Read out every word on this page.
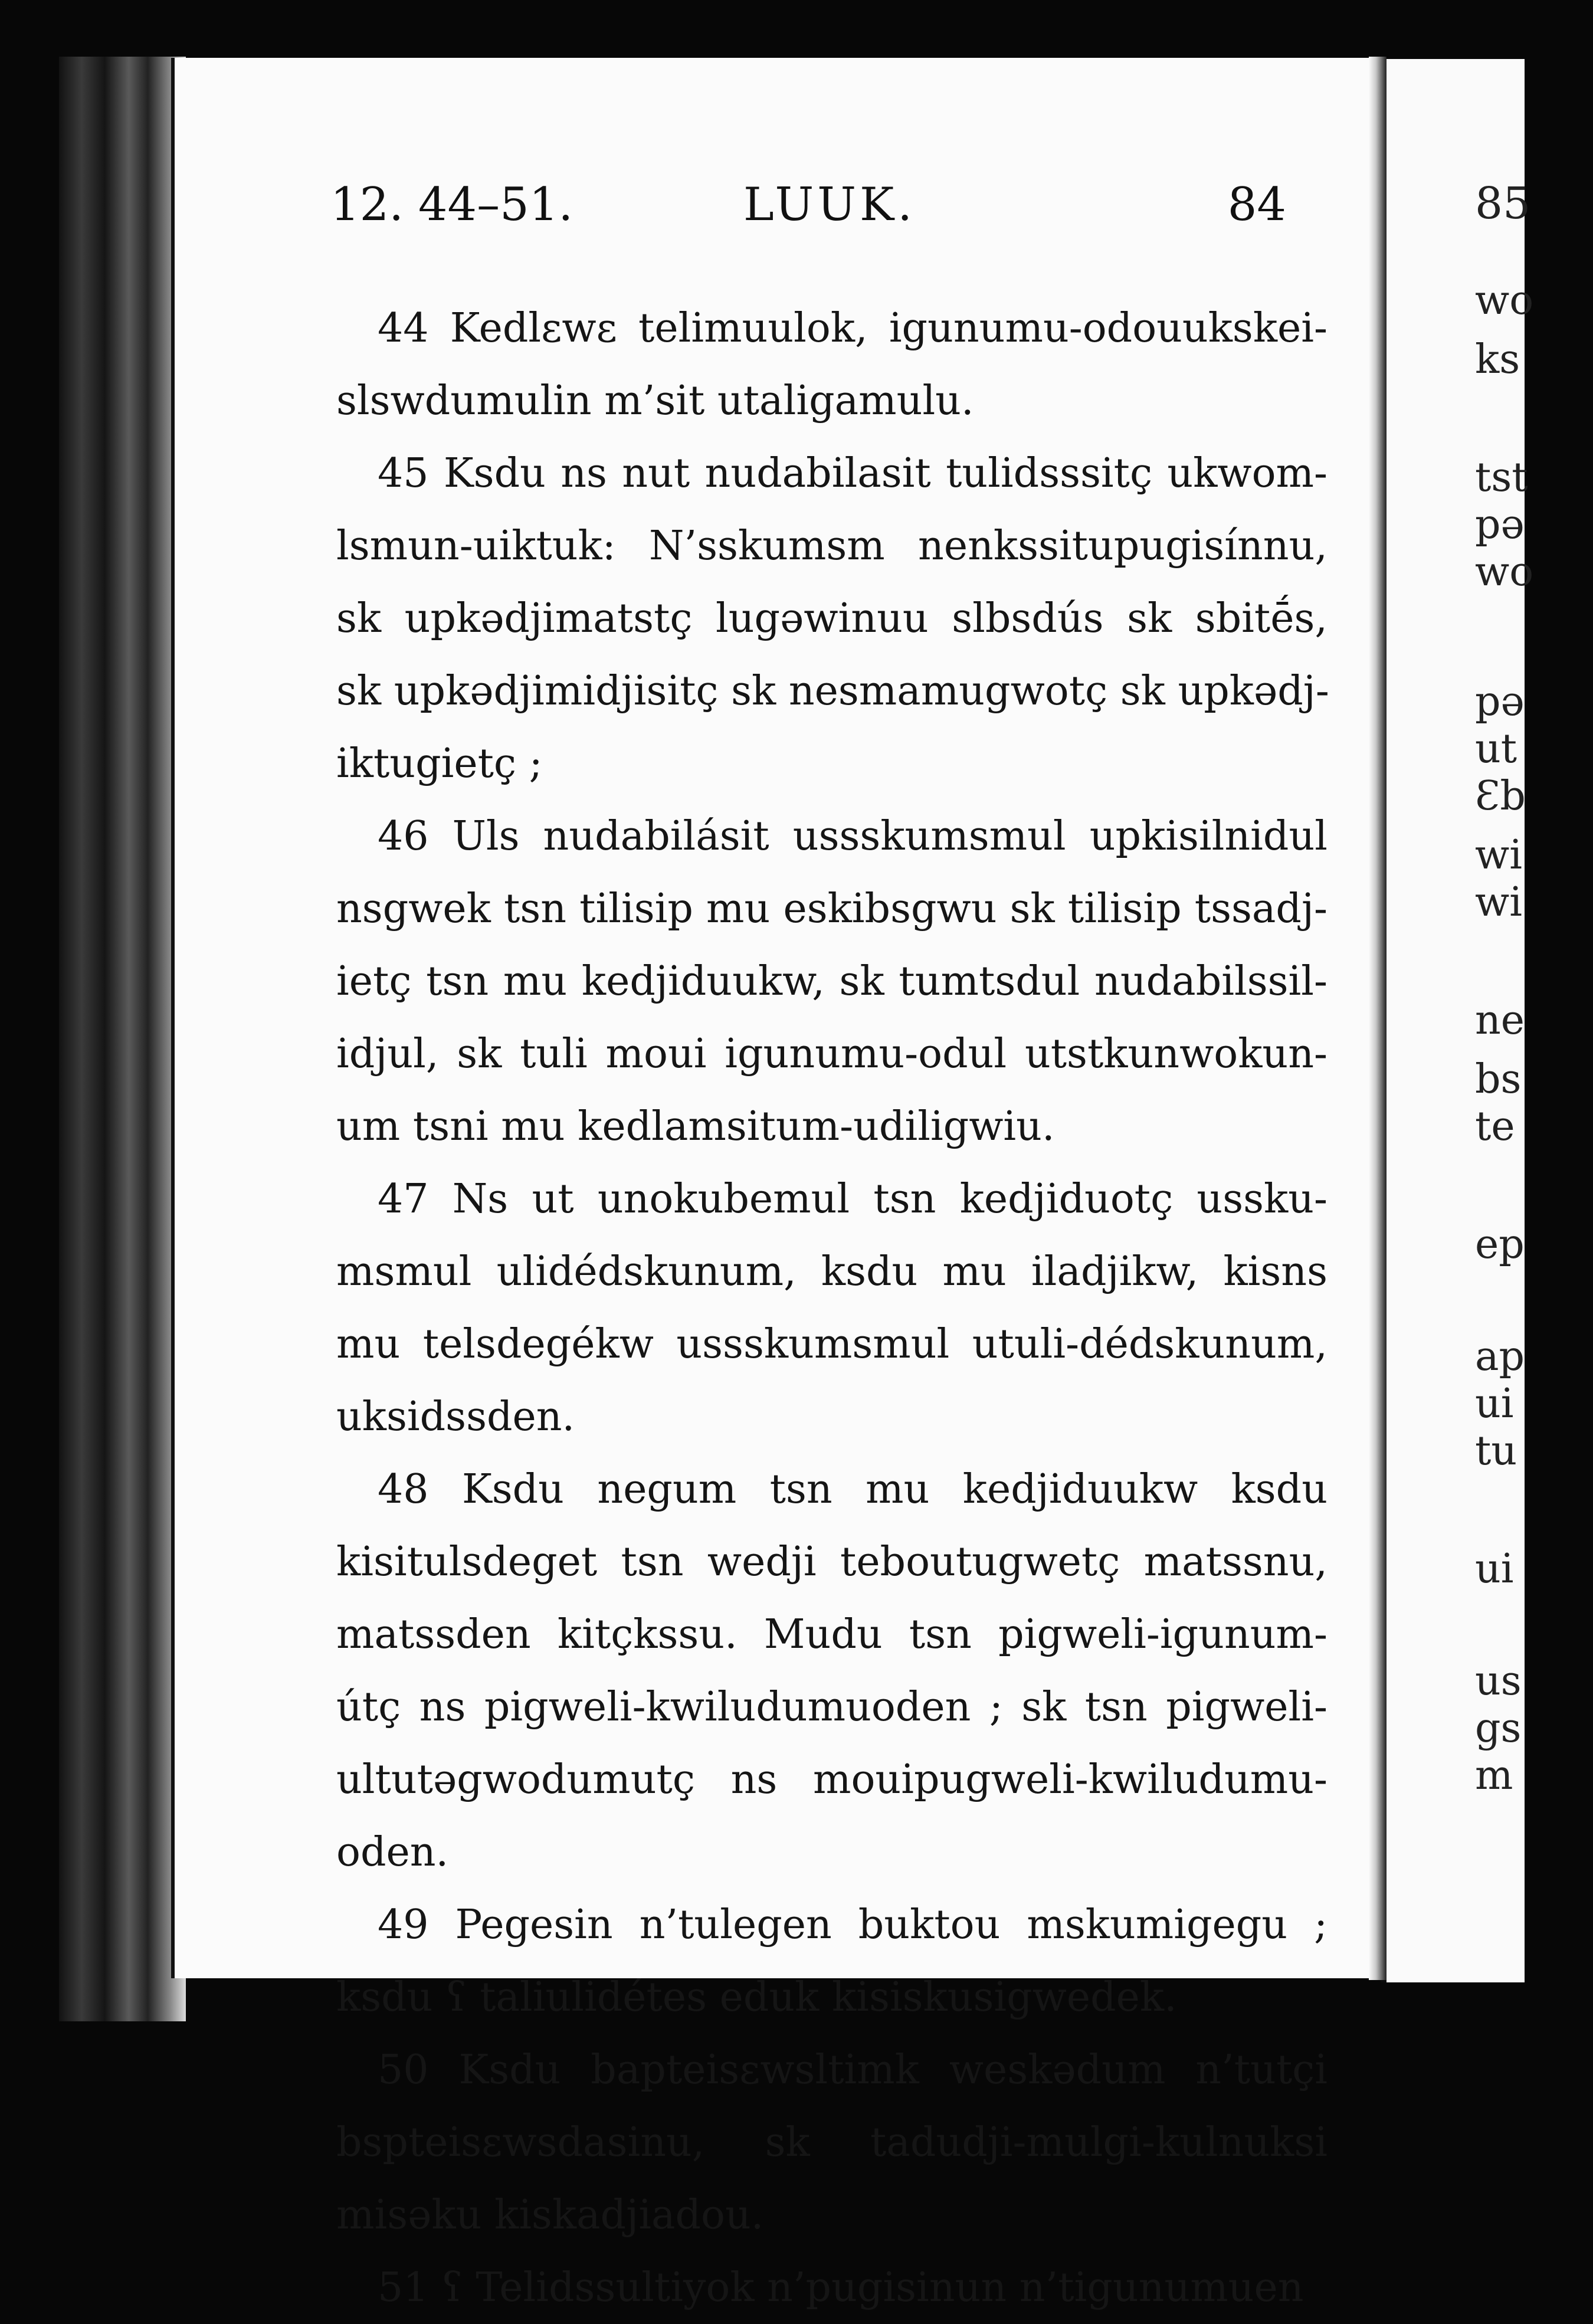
12. 44–51.	LUUK.	84	85
wo
ks
tst
pə
wo
pə
ut
Ɛb
wi
wi
ne
bs
te
ep
ap
ui
tu
ui
us
gs
m
44 Kedlɛwɛ telimuulok, igunumu-odouukskei-
slswdumulin m’sit utaligamulu.
45 Ksdu ns nut nudabilasit tulidsssitç ukwom-
lsmun-uiktuk: N’sskumsm nenkssitupugisínnu,
sk upkədjimatstç lugəwinuu slbsdús sk sbitḗs,
sk upkədjimidjisitç sk nesmamugwotç sk upkədj-
iktugietç ;
46 Uls nudabilásit ussskumsmul upkisilnidul
nsgwek tsn tilisip mu eskibsgwu sk tilisip tssadj-
ietç tsn mu kedjiduukw, sk tumtsdul nudabilssil-
idjul, sk tuli moui igunumu-odul utstkunwokun-
um tsni mu kedlamsitum-udiligwiu.
47 Ns ut unokubemul tsn kedjiduotç ussku-
msmul ulidédskunum, ksdu mu iladjikw, kisns
mu telsdegékw ussskumsmul utuli-dédskunum,
uksidssden.
48 Ksdu negum tsn mu kedjiduukw ksdu
kisitulsdeget tsn wedji teboutugwetç matssnu,
matssden kitçkssu. Mudu tsn pigweli-igunum-
útç ns pigweli-kwiludumuoden ; sk tsn pigweli-
ultutəgwodumutç ns mouipugweli-kwiludumu-
oden.
49 Pegesin n’tulegen buktou mskumigegu ;
ksdu ʕ taliulidétes eduk kisiskusigwedek.
50 Ksdu bapteisɛwsltimk weskədum n’tutçi
bspteisɛwsdasinu, sk tadudji-mulgi-kulnuksi
misəku kiskadjiadou.
51 ʕ Telidssultiyok n’pugisinun n’tigunumuen
